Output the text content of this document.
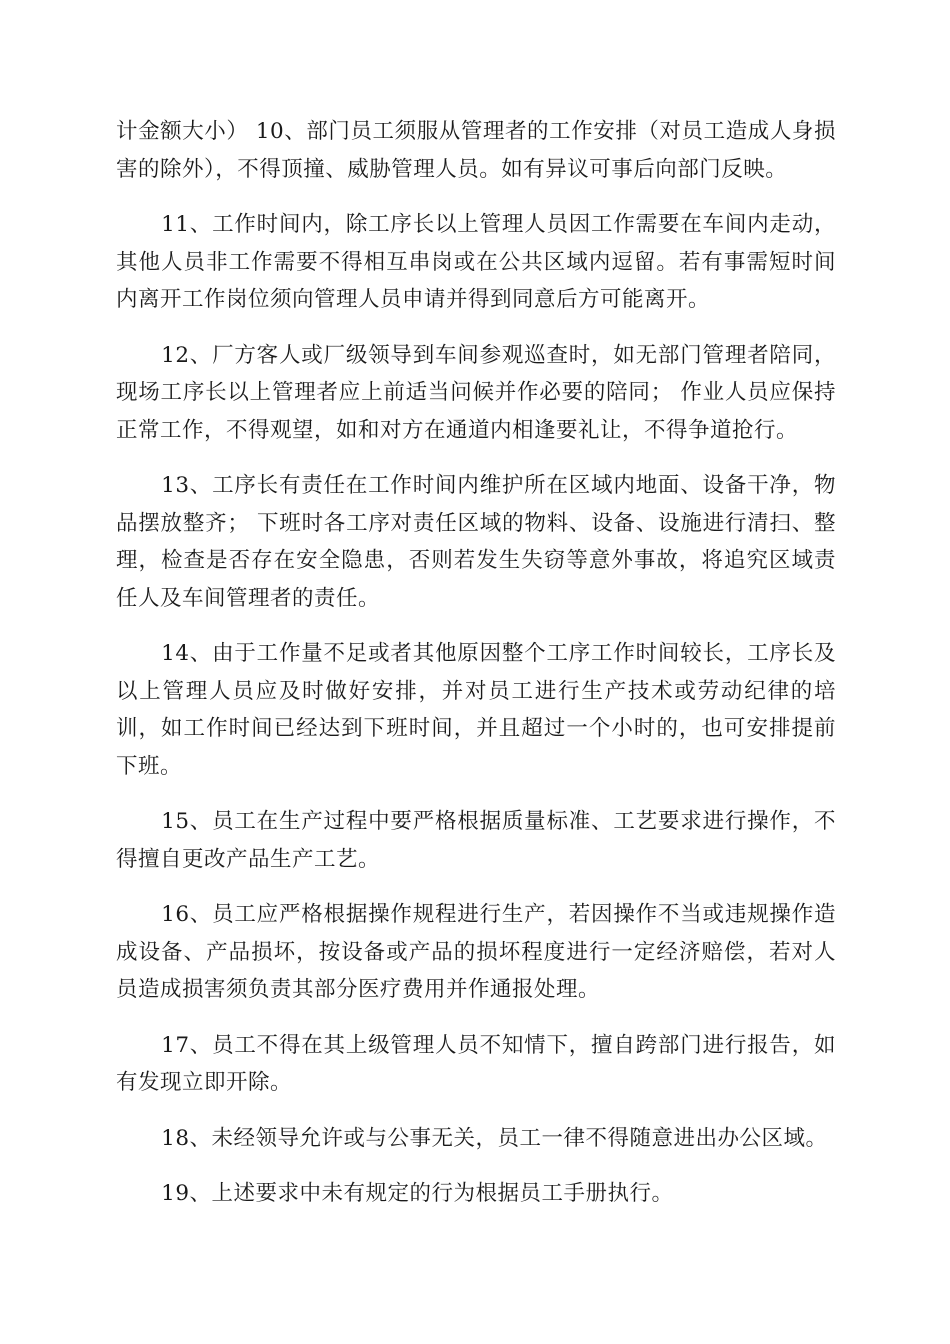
计金额大小） 10、部门员工须服从管理者的工作安排（对员工造成人身损害的除外），不得顶撞、威胁管理人员。如有异议可事后向部门反映。

11、工作时间内，除工序长以上管理人员因工作需要在车间内走动，其他人员非工作需要不得相互串岗或在公共区域内逗留。若有事需短时间内离开工作岗位须向管理人员申请并得到同意后方可能离开。

12、厂方客人或厂级领导到车间参观巡查时，如无部门管理者陪同，现场工序长以上管理者应上前适当问候并作必要的陪同； 作业人员应保持正常工作，不得观望，如和对方在通道内相逢要礼让，不得争道抢行。

13、工序长有责任在工作时间内维护所在区域内地面、设备干净，物品摆放整齐； 下班时各工序对责任区域的物料、设备、设施进行清扫、整理，检查是否存在安全隐患，否则若发生失窃等意外事故，将追究区域责任人及车间管理者的责任。

14、由于工作量不足或者其他原因整个工序工作时间较长，工序长及以上管理人员应及时做好安排，并对员工进行生产技术或劳动纪律的培训，如工作时间已经达到下班时间，并且超过一个小时的，也可安排提前下班。

15、员工在生产过程中要严格根据质量标准、工艺要求进行操作，不得擅自更改产品生产工艺。

16、员工应严格根据操作规程进行生产，若因操作不当或违规操作造成设备、产品损坏，按设备或产品的损坏程度进行一定经济赔偿，若对人员造成损害须负责其部分医疗费用并作通报处理。

17、员工不得在其上级管理人员不知情下，擅自跨部门进行报告，如有发现立即开除。

18、未经领导允许或与公事无关，员工一律不得随意进出办公区域。

19、上述要求中未有规定的行为根据员工手册执行。
